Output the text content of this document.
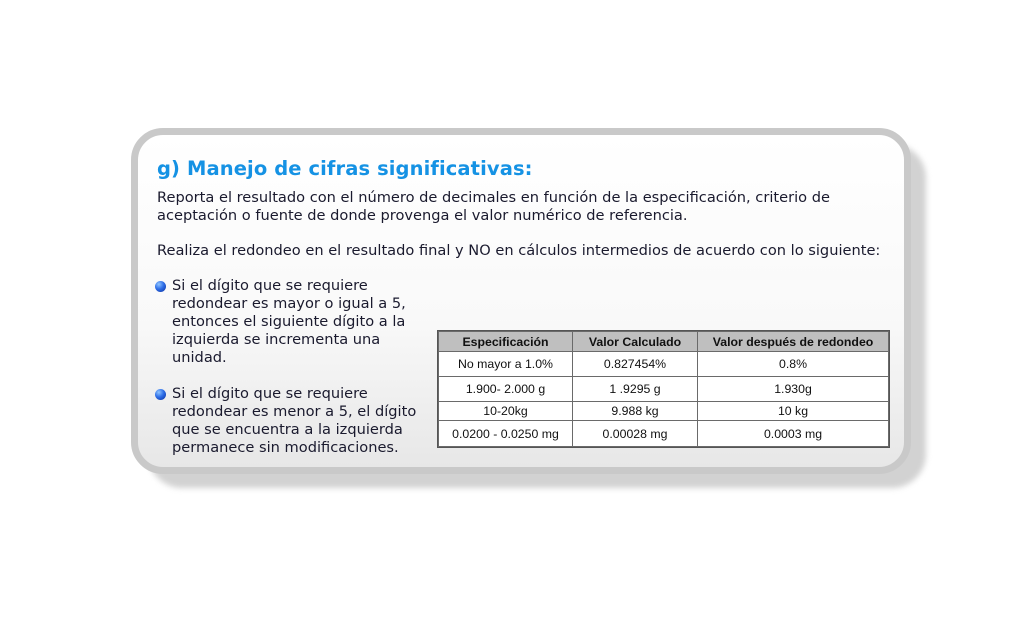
g) Manejo de cifras significativas:

Reporta el resultado con el número de decimales en función de la especificación, criterio de aceptación o fuente de donde provenga el valor numérico de referencia.

Realiza el redondeo en el resultado final y NO en cálculos intermedios de acuerdo con lo siguiente:

Si el dígito que se requiere redondear es mayor o igual a 5, entonces el siguiente dígito a la izquierda se incrementa una unidad.
Si el dígito que se requiere redondear es menor a 5, el dígito que se encuentra a la izquierda permanece sin modificaciones.
Especificación	Valor Calculado	Valor después de redondeo
No mayor a 1.0%	0.827454%	0.8%
1.900- 2.000 g	1 .9295 g	1.930g
10-20kg	9.988 kg	10 kg
0.0200 - 0.0250 mg	0.00028 mg	0.0003 mg
